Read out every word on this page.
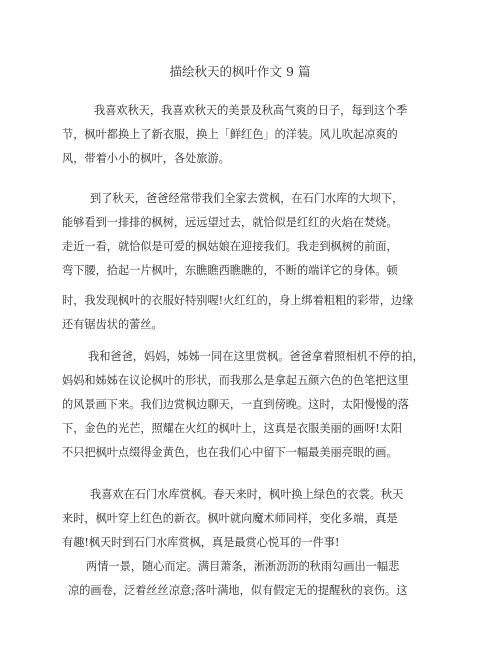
描绘秋天的枫叶作文 9 篇
我喜欢秋天，我喜欢秋天的美景及秋高气爽的日子，每到这个季
节，枫叶都换上了新衣服，换上「鲜红色」的洋装。风儿吹起凉爽的
风，带着小小的枫叶，各处旅游。
到了秋天，爸爸经常带我们全家去赏枫，在石门水库的大坝下，
能够看到一排排的枫树，远远望过去，就恰似是红红的火焰在焚烧。
走近一看，就恰似是可爱的枫姑娘在迎接我们。我走到枫树的前面，
弯下腰，拾起一片枫叶，东瞧瞧西瞧瞧的，不断的端详它的身体。顿
时，我发现枫叶的衣服好特别喔!火红红的，身上绑着粗粗的彩带，边缘
还有锯齿状的蕾丝。
我和爸爸，妈妈，姊姊一同在这里赏枫。爸爸拿着照相机不停的拍，
妈妈和姊姊在议论枫叶的形状，而我那么是拿起五颜六色的色笔把这里
的风景画下来。我们边赏枫边聊天，一直到傍晚。这时，太阳慢慢的落
下，金色的光芒，照耀在火红的枫叶上，这真是衣服美丽的画呀!太阳
不只把枫叶点缀得金黄色，也在我们心中留下一幅最美丽亮眼的画。
我喜欢在石门水库赏枫。春天来时，枫叶换上绿色的衣裳。秋天
来时，枫叶穿上红色的新衣。枫叶就向魔术师同样，变化多端，真是
有趣!枫天时到石门水库赏枫，真是最赏心悦耳的一件事!
两情一景，随心而定。满目萧条，淅淅沥沥的秋雨勾画出一幅悲
凉的画卷，泛着丝丝凉意;落叶满地，似有假定无的提醒秋的哀伤。这
